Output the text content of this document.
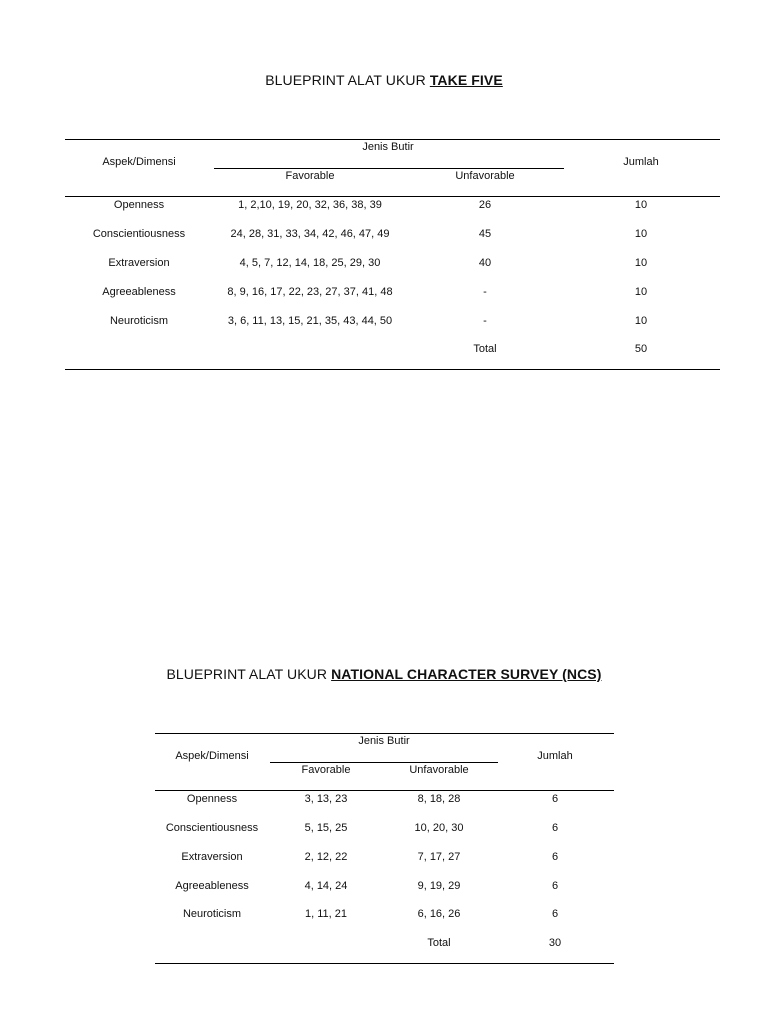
BLUEPRINT ALAT UKUR TAKE FIVE
Aspek/Dimensi
Jenis Butir
Favorable	Unfavorable
Jumlah
Openness	1, 2,10, 19, 20, 32, 36, 38, 39	26	10
Conscientiousness	24, 28, 31, 33, 34, 42, 46, 47, 49	45	10
Extraversion	4, 5, 7, 12, 14, 18, 25, 29, 30	40	10
Agreeableness	8, 9, 16, 17, 22, 23, 27, 37, 41, 48	-	10
Neuroticism	3, 6, 11, 13, 15, 21, 35, 43, 44, 50	-	10
Total	50
BLUEPRINT ALAT UKUR NATIONAL CHARACTER SURVEY (NCS)
Aspek/Dimensi
Jenis Butir
Favorable	Unfavorable
Jumlah
Openness	3, 13, 23	8, 18, 28	6
Conscientiousness	5, 15, 25	10, 20, 30	6
Extraversion	2, 12, 22	7, 17, 27	6
Agreeableness	4, 14, 24	9, 19, 29	6
Neuroticism	1, 11, 21	6, 16, 26	6
Total	30
